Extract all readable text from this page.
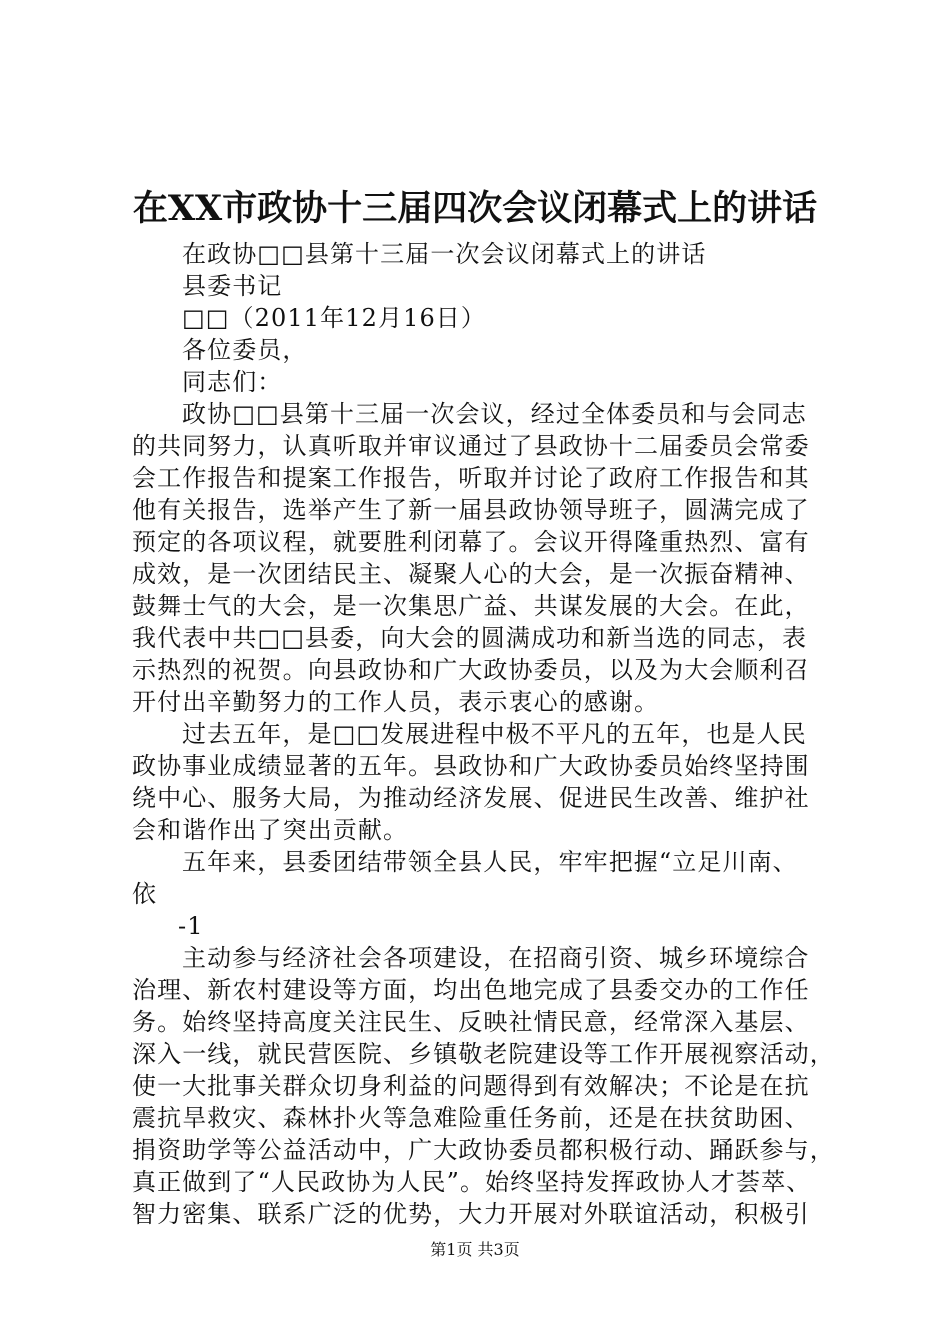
在XX市政协十三届四次会议闭幕式上的讲话
在政协□□县第十三届一次会议闭幕式上的讲话
县委书记
□□（2011年12月16日）
各位委员，
同志们：
政协□□县第十三届一次会议，经过全体委员和与会同志
的共同努力，认真听取并审议通过了县政协十二届委员会常委
会工作报告和提案工作报告，听取并讨论了政府工作报告和其
他有关报告，选举产生了新一届县政协领导班子，圆满完成了
预定的各项议程，就要胜利闭幕了。会议开得隆重热烈、富有
成效，是一次团结民主、凝聚人心的大会，是一次振奋精神、
鼓舞士气的大会，是一次集思广益、共谋发展的大会。在此，
我代表中共□□县委，向大会的圆满成功和新当选的同志，表
示热烈的祝贺。向县政协和广大政协委员，以及为大会顺利召
开付出辛勤努力的工作人员，表示衷心的感谢。
过去五年，是□□发展进程中极不平凡的五年，也是人民
政协事业成绩显著的五年。县政协和广大政协委员始终坚持围
绕中心、服务大局，为推动经济发展、促进民生改善、维护社
会和谐作出了突出贡献。
五年来，县委团结带领全县人民，牢牢把握“立足川南、
依
-1
主动参与经济社会各项建设，在招商引资、城乡环境综合
治理、新农村建设等方面，均出色地完成了县委交办的工作任
务。始终坚持高度关注民生、反映社情民意，经常深入基层、
深入一线，就民营医院、乡镇敬老院建设等工作开展视察活动，
使一大批事关群众切身利益的问题得到有效解决；不论是在抗
震抗旱救灾、森林扑火等急难险重任务前，还是在扶贫助困、
捐资助学等公益活动中，广大政协委员都积极行动、踊跃参与，
真正做到了“人民政协为人民”。始终坚持发挥政协人才荟萃、
智力密集、联系广泛的优势，大力开展对外联谊活动，积极引
第1页 共3页
